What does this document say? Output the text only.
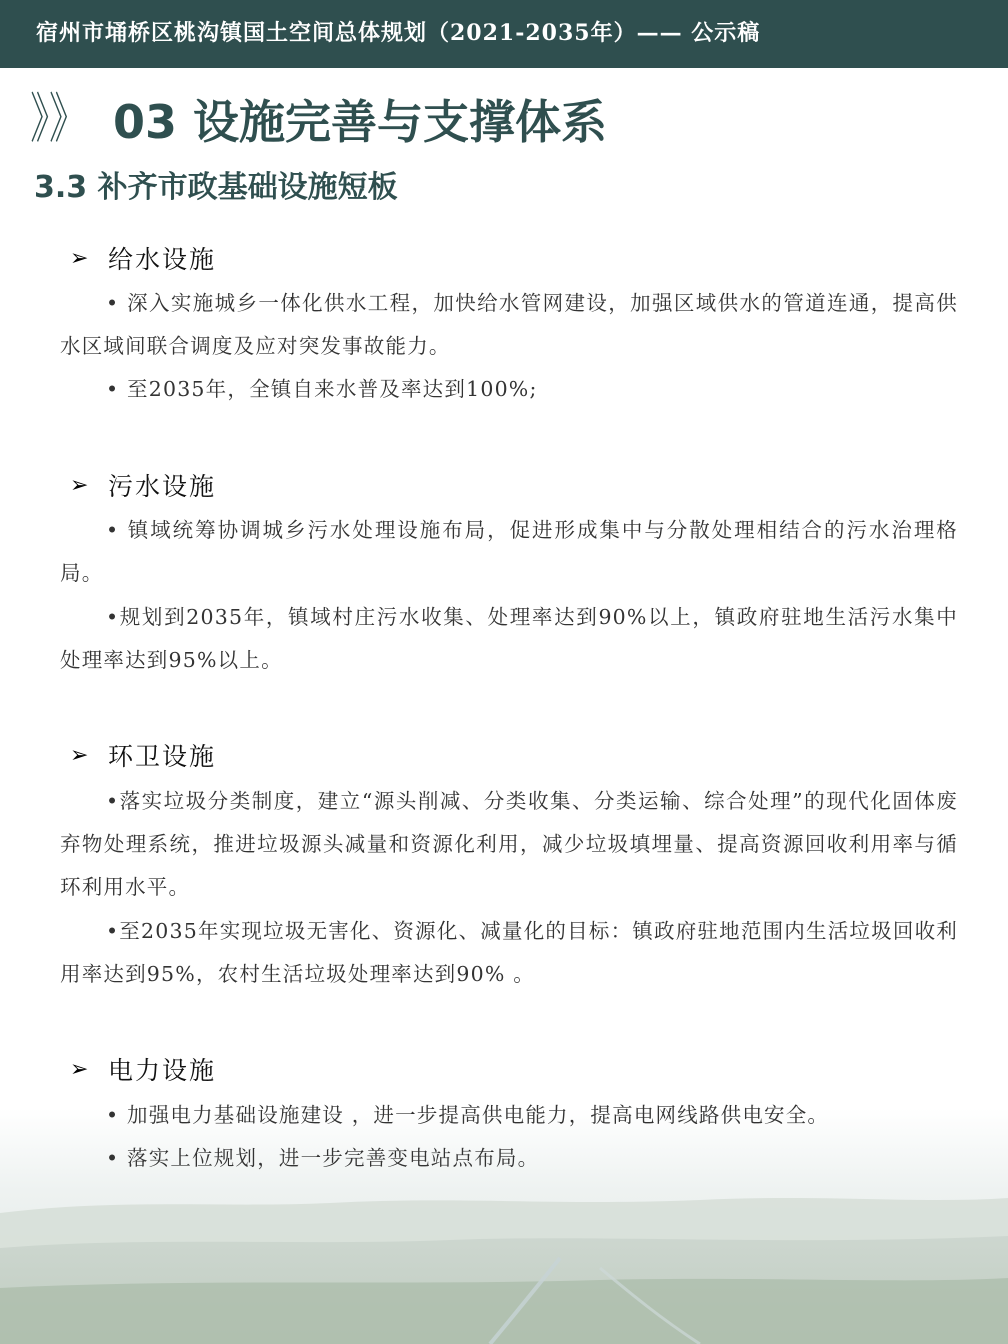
宿州市埇桥区桃沟镇国土空间总体规划（2021-2035年）—— 公示稿
》》 03 设施完善与支撑体系
3.3 补齐市政基础设施短板
➢ 给水设施
• 深入实施城乡一体化供水工程，加快给水管网建设，加强区域供水的管道连通，提高供水区域间联合调度及应对突发事故能力。
• 至2035年，全镇自来水普及率达到100%;
➢ 污水设施
• 镇域统筹协调城乡污水处理设施布局，促进形成集中与分散处理相结合的污水治理格局。
•规划到2035年，镇域村庄污水收集、处理率达到90%以上，镇政府驻地生活污水集中处理率达到95%以上。
➢ 环卫设施
•落实垃圾分类制度，建立“源头削减、分类收集、分类运输、综合处理”的现代化固体废弃物处理系统，推进垃圾源头减量和资源化利用，减少垃圾填埋量、提高资源回收利用率与循环利用水平。
•至2035年实现垃圾无害化、资源化、减量化的目标：镇政府驻地范围内生活垃圾回收利用率达到95%，农村生活垃圾处理率达到90% 。
➢ 电力设施
• 加强电力基础设施建设 ，进一步提高供电能力，提高电网线路供电安全。
• 落实上位规划，进一步完善变电站点布局。
